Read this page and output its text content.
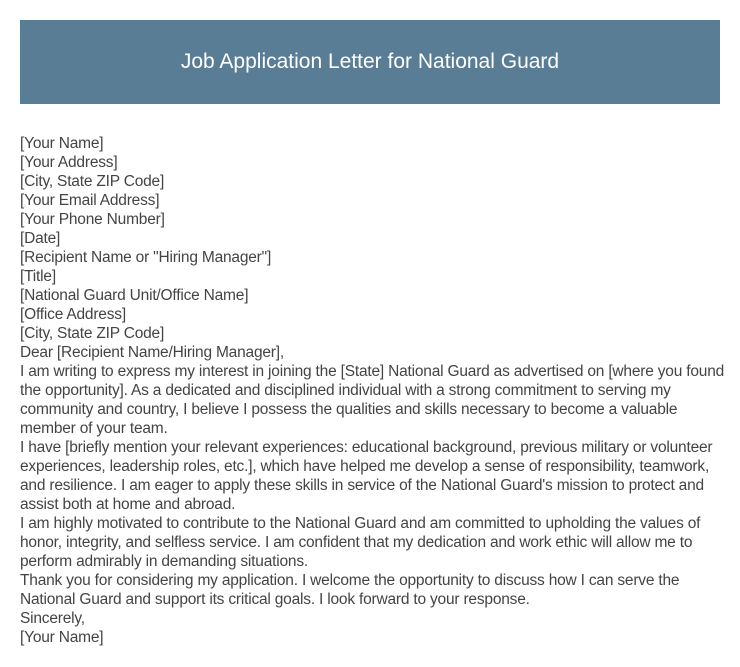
Job Application Letter for National Guard
[Your Name]
[Your Address]
[City, State ZIP Code]
[Your Email Address]
[Your Phone Number]
[Date]
[Recipient Name or "Hiring Manager"]
[Title]
[National Guard Unit/Office Name]
[Office Address]
[City, State ZIP Code]
Dear [Recipient Name/Hiring Manager],
I am writing to express my interest in joining the [State] National Guard as advertised on [where you found the opportunity]. As a dedicated and disciplined individual with a strong commitment to serving my community and country, I believe I possess the qualities and skills necessary to become a valuable member of your team.
I have [briefly mention your relevant experiences: educational background, previous military or volunteer experiences, leadership roles, etc.], which have helped me develop a sense of responsibility, teamwork, and resilience. I am eager to apply these skills in service of the National Guard's mission to protect and assist both at home and abroad.
I am highly motivated to contribute to the National Guard and am committed to upholding the values of honor, integrity, and selfless service. I am confident that my dedication and work ethic will allow me to perform admirably in demanding situations.
Thank you for considering my application. I welcome the opportunity to discuss how I can serve the National Guard and support its critical goals. I look forward to your response.
Sincerely,
[Your Name]
